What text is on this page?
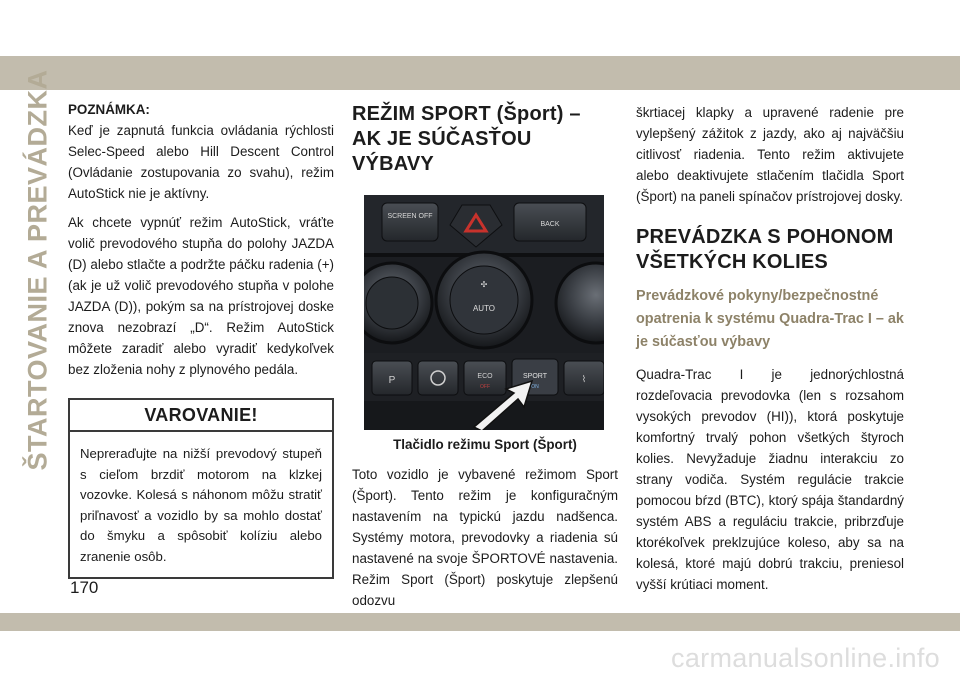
ŠTARTOVANIE A PREVÁDZKA POZNÁMKA:

Keď je zapnutá funkcia ovládania rýchlosti Selec-Speed alebo Hill Descent Control (Ovládanie zostupovania zo svahu), režim AutoStick nie je aktívny.

Ak chcete vypnúť režim AutoStick, vráťte volič prevodového stupňa do polohy JAZDA (D) alebo stlačte a podržte páčku radenia (+) (ak je už volič prevodového stupňa v polohe JAZDA (D)), pokým sa na prístrojovej doske znova nezobrazí „D“. Režim AutoStick môžete zaradiť alebo vyradiť kedykoľvek bez zloženia nohy z plynového pedála.

VAROVANIE!

Nepreraďujte na nižší prevodový stupeň s cieľom brzdiť motorom na klzkej vozovke. Kolesá s náhonom môžu stratiť priľnavosť a vozidlo by sa mohlo dostať do šmyku a spôsobiť kolíziu alebo zranenie osôb.

REŽIM SPORT (Šport) –
AK JE SÚČASŤOU VÝBAVY
SCREEN OFF
BACK
✣
AUTO
P	ECO
OFF
SPORT
ON
⌇
Tlačidlo režimu Sport (Šport)

Toto vozidlo je vybavené režimom Sport (Šport). Tento režim je konfiguračným nastavením na typickú jazdu nadšenca. Systémy motora, prevodovky a riadenia sú nastavené na svoje ŠPORTOVÉ nastavenia. Režim Sport (Šport) poskytuje zlepšenú odozvu

škrtiacej klapky a upravené radenie pre vylepšený zážitok z jazdy, ako aj najväčšiu citlivosť riadenia. Tento režim aktivujete alebo deaktivujete stlačením tlačidla Sport (Šport) na paneli spínačov prístrojovej dosky.

PREVÁDZKA S POHONOM
VŠETKÝCH KOLIES
Prevádzkové pokyny/bezpečnostné opatrenia k systému Quadra-Trac I – ak je súčasťou výbavy

Quadra-Trac I je jednorýchlostná rozdeľovacia prevodovka (len s rozsahom vysokých prevodov (HI)), ktorá poskytuje komfortný trvalý pohon všetkých štyroch kolies. Nevyžaduje žiadnu interakciu zo strany vodiča. Systém regulácie trakcie pomocou bŕzd (BTC), ktorý spája štandardný systém ABS a reguláciu trakcie, pribrzďuje ktorékoľvek preklzujúce koleso, aby sa na kolesá, ktoré majú dobrú trakciu, preniesol vyšší krútiaci moment.

170
carmanualsonline.info
